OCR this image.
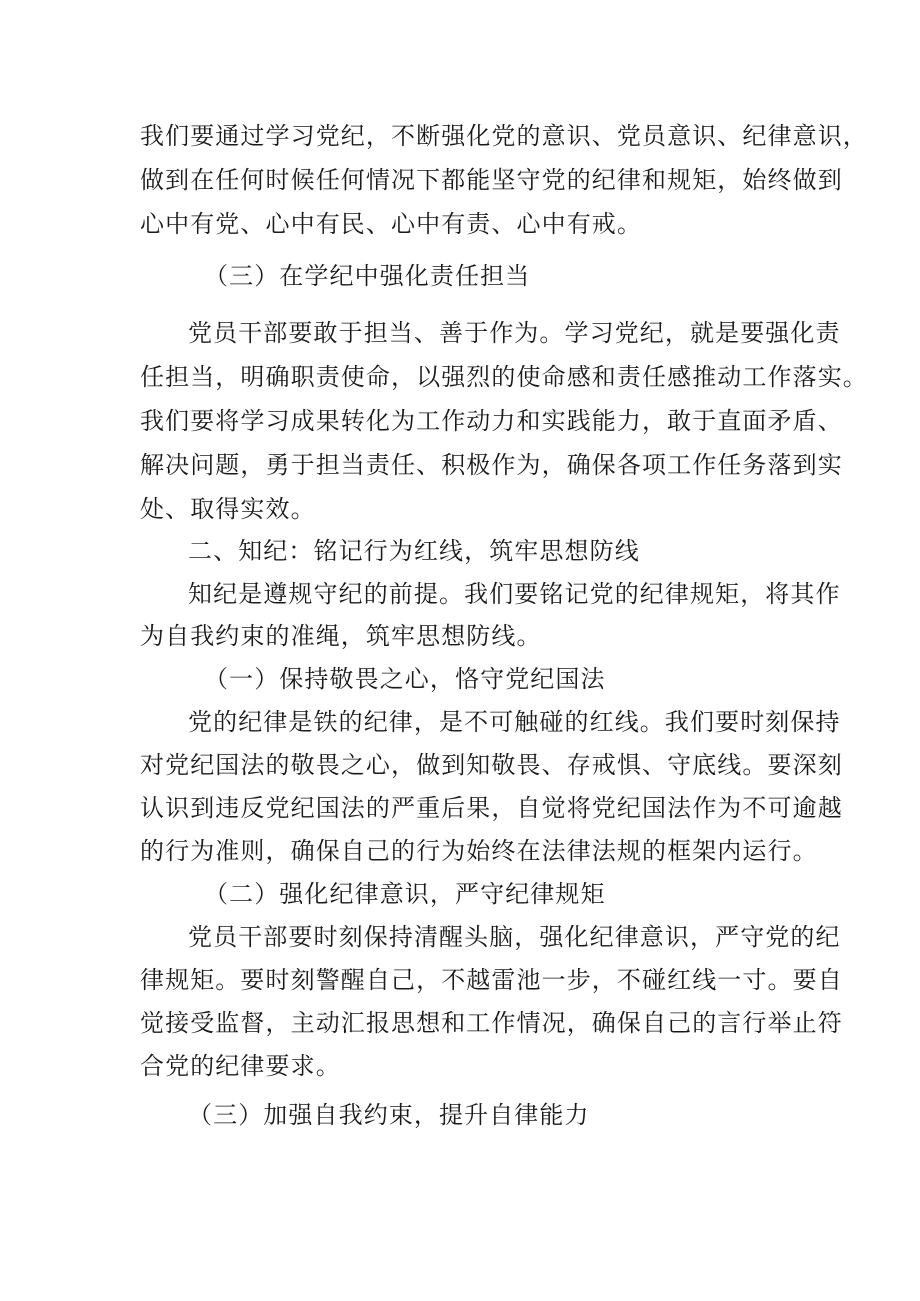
我们要通过学习党纪，不断强化党的意识、党员意识、纪律意识，
做到在任何时候任何情况下都能坚守党的纪律和规矩，始终做到
心中有党、心中有民、心中有责、心中有戒。
（三）在学纪中强化责任担当
党员干部要敢于担当、善于作为。学习党纪，就是要强化责
任担当，明确职责使命，以强烈的使命感和责任感推动工作落实。
我们要将学习成果转化为工作动力和实践能力，敢于直面矛盾、
解决问题，勇于担当责任、积极作为，确保各项工作任务落到实
处、取得实效。
二、知纪：铭记行为红线，筑牢思想防线
知纪是遵规守纪的前提。我们要铭记党的纪律规矩，将其作
为自我约束的准绳，筑牢思想防线。
（一）保持敬畏之心，恪守党纪国法
党的纪律是铁的纪律，是不可触碰的红线。我们要时刻保持
对党纪国法的敬畏之心，做到知敬畏、存戒惧、守底线。要深刻
认识到违反党纪国法的严重后果，自觉将党纪国法作为不可逾越
的行为准则，确保自己的行为始终在法律法规的框架内运行。
（二）强化纪律意识，严守纪律规矩
党员干部要时刻保持清醒头脑，强化纪律意识，严守党的纪
律规矩。要时刻警醒自己，不越雷池一步，不碰红线一寸。要自
觉接受监督，主动汇报思想和工作情况，确保自己的言行举止符
合党的纪律要求。
（三）加强自我约束，提升自律能力
